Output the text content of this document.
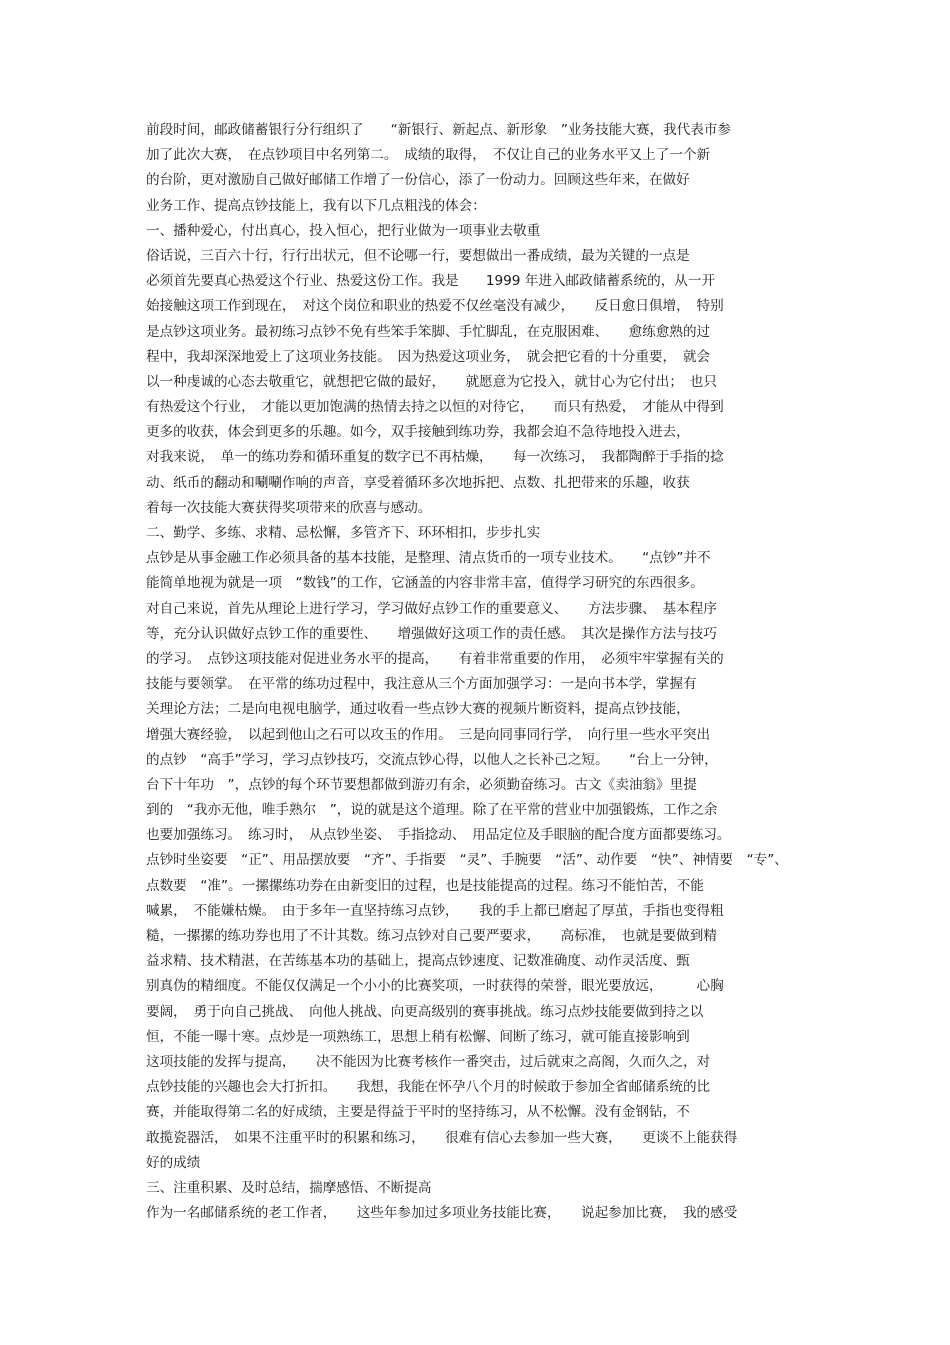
前段时间，邮政储蓄银行分行组织了　　“新银行、新起点、新形象　”业务技能大赛，我代表市参
加了此次大赛，　在点钞项目中名列第二。　成绩的取得，　不仅让自己的业务水平又上了一个新
的台阶，更对激励自己做好邮储工作增了一份信心，添了一份动力。回顾这些年来，在做好
业务工作、提高点钞技能上，我有以下几点粗浅的体会：
一、播种爱心，付出真心，投入恒心，把行业做为一项事业去敬重
俗话说，三百六十行，行行出状元，但不论哪一行，要想做出一番成绩，最为关键的一点是
必须首先要真心热爱这个行业、热爱这份工作。我是　　1999 年进入邮政储蓄系统的，从一开
始接触这项工作到现在，　对这个岗位和职业的热爱不仅丝毫没有减少，　　反日愈日俱增，　特别
是点钞这项业务。最初练习点钞不免有些笨手笨脚、手忙脚乱，在克服困难、　　愈练愈熟的过
程中，我却深深地爱上了这项业务技能。　因为热爱这项业务，　就会把它看的十分重要，　就会
以一种虔诚的心态去敬重它，就想把它做的最好，　　就愿意为它投入，就甘心为它付出；　也只
有热爱这个行业，　才能以更加饱满的热情去持之以恒的对待它，　　而只有热爱，　才能从中得到
更多的收获，体会到更多的乐趣。如今，双手接触到练功券，我都会迫不急待地投入进去，
对我来说，　单一的练功券和循环重复的数字已不再枯燥，　　每一次练习，　我都陶醉于手指的捻
动、纸币的翻动和唰唰作响的声音，享受着循环多次地拆把、点数、扎把带来的乐趣，收获
着每一次技能大赛获得奖项带来的欣喜与感动。
二、勤学、多练、求精、忌松懈，多管齐下、环环相扣，步步扎实
点钞是从事金融工作必须具备的基本技能，是整理、清点货币的一项专业技术。　　“点钞”并不
能简单地视为就是一项　“数钱”的工作，它涵盖的内容非常丰富，值得学习研究的东西很多。
对自己来说，首先从理论上进行学习，学习做好点钞工作的重要意义、　　方法步骤、　基本程序
等，充分认识做好点钞工作的重要性、　　增强做好这项工作的责任感。　其次是操作方法与技巧
的学习。　点钞这项技能对促进业务水平的提高，　　有着非常重要的作用，　必须牢牢掌握有关的
技能与要领掌。　在平常的练功过程中，我注意从三个方面加强学习：一是向书本学，掌握有
关理论方法；二是向电视电脑学，通过收看一些点钞大赛的视频片断资料，提高点钞技能，
增强大赛经验，　以起到他山之石可以攻玉的作用。　三是向同事同行学，　向行里一些水平突出
的点钞　“高手”学习，学习点钞技巧，交流点钞心得，以他人之长补己之短。　　“台上一分钟，
台下十年功　”，点钞的每个环节要想都做到游刃有余，必须勤奋练习。古文《卖油翁》里提
到的　“我亦无他，唯手熟尔　”，说的就是这个道理。除了在平常的营业中加强锻炼，工作之余
也要加强练习。　练习时，　从点钞坐姿、　手指捻动、　用品定位及手眼脑的配合度方面都要练习。
点钞时坐姿要　“正”、用品摆放要　“齐”、手指要　“灵”、手腕要　“活”、动作要　“快”、神情要　“专”、
点数要　“准”。一摞摞练功券在由新变旧的过程，也是技能提高的过程。练习不能怕苦，不能
喊累，　不能嫌枯燥。　由于多年一直坚持练习点钞，　　我的手上都已磨起了厚茧，手指也变得粗
糙，一摞摞的练功券也用了不计其数。练习点钞对自己要严要求，　　高标准，　也就是要做到精
益求精、技术精湛，在苦练基本功的基础上，提高点钞速度、记数准确度、动作灵活度、甄
别真伪的精细度。不能仅仅满足一个小小的比赛奖项，一时获得的荣誉，眼光要放远，　　　心胸
要阔，　勇于向自己挑战、　向他人挑战、向更高级别的赛事挑战。练习点炒技能要做到持之以
恒，不能一曝十寒。点炒是一项熟练工，思想上稍有松懈、间断了练习，就可能直接影响到
这项技能的发挥与提高，　　决不能因为比赛考核作一番突击，过后就束之高阁，久而久之，对
点钞技能的兴趣也会大打折扣。　　我想，我能在怀孕八个月的时候敢于参加全省邮储系统的比
赛，并能取得第二名的好成绩，主要是得益于平时的坚持练习，从不松懈。没有金钢钻，不
敢揽瓷器活，　如果不注重平时的积累和练习，　　很难有信心去参加一些大赛，　　更谈不上能获得
好的成绩
三、注重积累、及时总结，揣摩感悟、不断提高
作为一名邮储系统的老工作者，　　这些年参加过多项业务技能比赛，　　说起参加比赛，　我的感受
